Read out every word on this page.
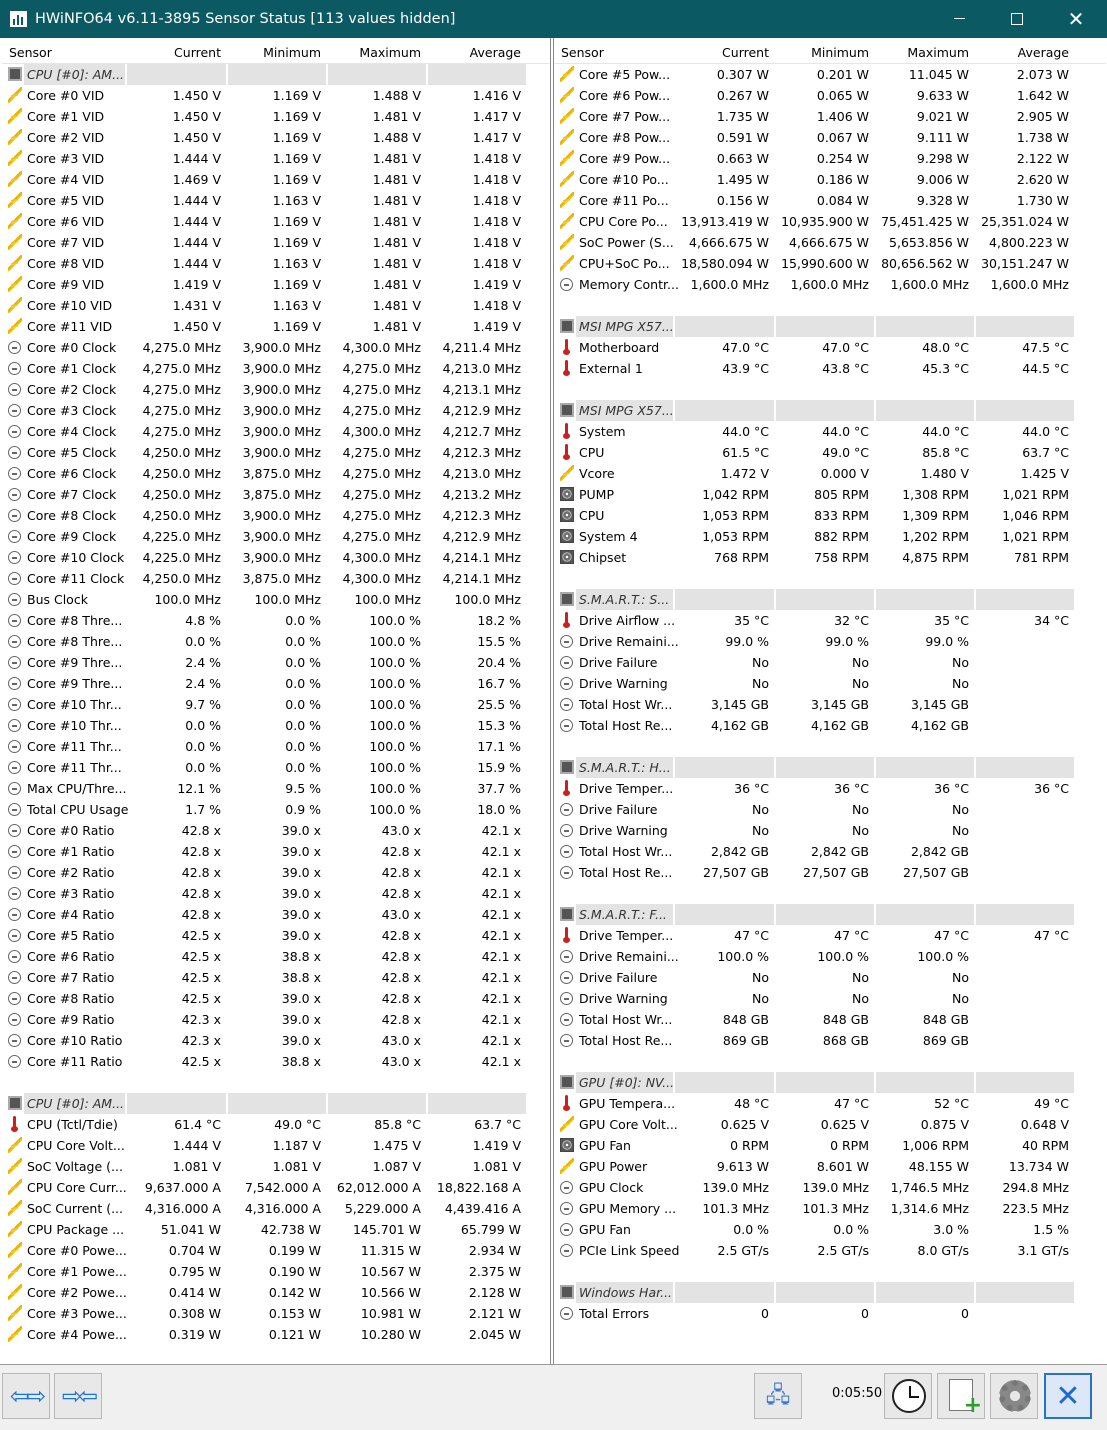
HWiNFO64 v6.11-3895 Sensor Status [113 values hidden]	✕
Sensor	Current	Minimum	Maximum	Average
CPU [#0]: AM...
Core #0 VID	1.450 V	1.169 V	1.488 V	1.416 V
Core #1 VID	1.450 V	1.169 V	1.481 V	1.417 V
Core #2 VID	1.450 V	1.169 V	1.488 V	1.417 V
Core #3 VID	1.444 V	1.169 V	1.481 V	1.418 V
Core #4 VID	1.469 V	1.169 V	1.481 V	1.418 V
Core #5 VID	1.444 V	1.163 V	1.481 V	1.418 V
Core #6 VID	1.444 V	1.169 V	1.481 V	1.418 V
Core #7 VID	1.444 V	1.169 V	1.481 V	1.418 V
Core #8 VID	1.444 V	1.163 V	1.481 V	1.418 V
Core #9 VID	1.419 V	1.169 V	1.481 V	1.419 V
Core #10 VID	1.431 V	1.163 V	1.481 V	1.418 V
Core #11 VID	1.450 V	1.169 V	1.481 V	1.419 V
Core #0 Clock 4,275.0 MHz 3,900.0 MHz 4,300.0 MHz 4,211.4 MHz
Core #1 Clock 4,275.0 MHz 3,900.0 MHz 4,275.0 MHz 4,213.0 MHz
Core #2 Clock 4,275.0 MHz 3,900.0 MHz 4,275.0 MHz 4,213.1 MHz
Core #3 Clock 4,275.0 MHz 3,900.0 MHz 4,275.0 MHz 4,212.9 MHz
Core #4 Clock 4,275.0 MHz 3,900.0 MHz 4,300.0 MHz 4,212.7 MHz
Core #5 Clock 4,250.0 MHz 3,900.0 MHz 4,275.0 MHz 4,212.3 MHz
Core #6 Clock 4,250.0 MHz 3,875.0 MHz 4,275.0 MHz 4,213.0 MHz
Core #7 Clock 4,250.0 MHz 3,875.0 MHz 4,275.0 MHz 4,213.2 MHz
Core #8 Clock 4,250.0 MHz 3,900.0 MHz 4,275.0 MHz 4,212.3 MHz
Core #9 Clock 4,225.0 MHz 3,900.0 MHz 4,275.0 MHz 4,212.9 MHz
Core #10 Clock 4,225.0 MHz 3,900.0 MHz 4,300.0 MHz 4,214.1 MHz
Core #11 Clock 4,250.0 MHz 3,875.0 MHz 4,300.0 MHz 4,214.1 MHz
Bus Clock	100.0 MHz	100.0 MHz	100.0 MHz	100.0 MHz
Core #8 Thre...	4.8 %	0.0 %	100.0 %	18.2 %
Core #8 Thre...	0.0 %	0.0 %	100.0 %	15.5 %
Core #9 Thre...	2.4 %	0.0 %	100.0 %	20.4 %
Core #9 Thre...	2.4 %	0.0 %	100.0 %	16.7 %
Core #10 Thr...	9.7 %	0.0 %	100.0 %	25.5 %
Core #10 Thr...	0.0 %	0.0 %	100.0 %	15.3 %
Core #11 Thr...	0.0 %	0.0 %	100.0 %	17.1 %
Core #11 Thr...	0.0 %	0.0 %	100.0 %	15.9 %
Max CPU/Thre...	12.1 %	9.5 %	100.0 %	37.7 %
Total CPU Usage	1.7 %	0.9 %	100.0 %	18.0 %
Core #0 Ratio	42.8 x	39.0 x	43.0 x	42.1 x
Core #1 Ratio	42.8 x	39.0 x	42.8 x	42.1 x
Core #2 Ratio	42.8 x	39.0 x	42.8 x	42.1 x
Core #3 Ratio	42.8 x	39.0 x	42.8 x	42.1 x
Core #4 Ratio	42.8 x	39.0 x	43.0 x	42.1 x
Core #5 Ratio	42.5 x	39.0 x	42.8 x	42.1 x
Core #6 Ratio	42.5 x	38.8 x	42.8 x	42.1 x
Core #7 Ratio	42.5 x	38.8 x	42.8 x	42.1 x
Core #8 Ratio	42.5 x	39.0 x	42.8 x	42.1 x
Core #9 Ratio	42.3 x	39.0 x	42.8 x	42.1 x
Core #10 Ratio	42.3 x	39.0 x	43.0 x	42.1 x
Core #11 Ratio	42.5 x	38.8 x	43.0 x	42.1 x
CPU [#0]: AM...
CPU (Tctl/Tdie)	61.4 °C	49.0 °C	85.8 °C	63.7 °C
CPU Core Volt...	1.444 V	1.187 V	1.475 V	1.419 V
SoC Voltage (...	1.081 V	1.081 V	1.087 V	1.081 V
CPU Core Curr... 9,637.000 A 7,542.000 A 62,012.000 A 18,822.168 A
SoC Current (... 4,316.000 A 4,316.000 A 5,229.000 A 4,439.416 A
CPU Package ...	51.041 W	42.738 W	145.701 W	65.799 W
Core #0 Powe...	0.704 W	0.199 W	11.315 W	2.934 W
Core #1 Powe...	0.795 W	0.190 W	10.567 W	2.375 W
Core #2 Powe...	0.414 W	0.142 W	10.566 W	2.128 W
Core #3 Powe...	0.308 W	0.153 W	10.981 W	2.121 W
Core #4 Powe...	0.319 W	0.121 W	10.280 W	2.045 W
Sensor	Current	Minimum	Maximum	Average
Core #5 Pow...	0.307 W	0.201 W	11.045 W	2.073 W
Core #6 Pow...	0.267 W	0.065 W	9.633 W	1.642 W
Core #7 Pow...	1.735 W	1.406 W	9.021 W	2.905 W
Core #8 Pow...	0.591 W	0.067 W	9.111 W	1.738 W
Core #9 Pow...	0.663 W	0.254 W	9.298 W	2.122 W
Core #10 Po...	1.495 W	0.186 W	9.006 W	2.620 W
Core #11 Po...	0.156 W	0.084 W	9.328 W	1.730 W
CPU Core Po... 13,913.419 W 10,935.900 W 75,451.425 W 25,351.024 W
SoC Power (S... 4,666.675 W 4,666.675 W 5,653.856 W 4,800.223 W
CPU+SoC Po... 18,580.094 W 15,990.600 W 80,656.562 W 30,151.247 W
Memory Contr... 1,600.0 MHz 1,600.0 MHz 1,600.0 MHz 1,600.0 MHz
MSI MPG X57...
Motherboard	47.0 °C	47.0 °C	48.0 °C	47.5 °C
External 1	43.9 °C	43.8 °C	45.3 °C	44.5 °C
MSI MPG X57...
System	44.0 °C	44.0 °C	44.0 °C	44.0 °C
CPU	61.5 °C	49.0 °C	85.8 °C	63.7 °C
Vcore	1.472 V	0.000 V	1.480 V	1.425 V
PUMP	1,042 RPM	805 RPM	1,308 RPM	1,021 RPM
CPU	1,053 RPM	833 RPM	1,309 RPM	1,046 RPM
System 4	1,053 RPM	882 RPM	1,202 RPM	1,021 RPM
Chipset	768 RPM	758 RPM	4,875 RPM	781 RPM
S.M.A.R.T.: S...
Drive Airflow ...	35 °C	32 °C	35 °C	34 °C
Drive Remaini...	99.0 %	99.0 %	99.0 %
Drive Failure	No	No	No
Drive Warning	No	No	No
Total Host Wr...	3,145 GB	3,145 GB	3,145 GB
Total Host Re...	4,162 GB	4,162 GB	4,162 GB
S.M.A.R.T.: H...
Drive Temper...	36 °C	36 °C	36 °C	36 °C
Drive Failure	No	No	No
Drive Warning	No	No	No
Total Host Wr...	2,842 GB	2,842 GB	2,842 GB
Total Host Re... 27,507 GB	27,507 GB	27,507 GB
S.M.A.R.T.: F...
Drive Temper...	47 °C	47 °C	47 °C	47 °C
Drive Remaini...	100.0 %	100.0 %	100.0 %
Drive Failure	No	No	No
Drive Warning	No	No	No
Total Host Wr...	848 GB	848 GB	848 GB
Total Host Re...	869 GB	868 GB	869 GB
GPU [#0]: NV...
GPU Tempera...	48 °C	47 °C	52 °C	49 °C
GPU Core Volt...	0.625 V	0.625 V	0.875 V	0.648 V
GPU Fan	0 RPM	0 RPM	1,006 RPM	40 RPM
GPU Power	9.613 W	8.601 W	48.155 W	13.734 W
GPU Clock	139.0 MHz	139.0 MHz 1,746.5 MHz	294.8 MHz
GPU Memory ... 101.3 MHz	101.3 MHz 1,314.6 MHz	223.5 MHz
GPU Fan	0.0 %	0.0 %	3.0 %	1.5 %
PCIe Link Speed	2.5 GT/s	2.5 GT/s	8.0 GT/s	3.1 GT/s
Windows Har...
Total Errors	0	0	0
⇦⇨ ⇨⇦	🖧	0:05:50
+	✕
